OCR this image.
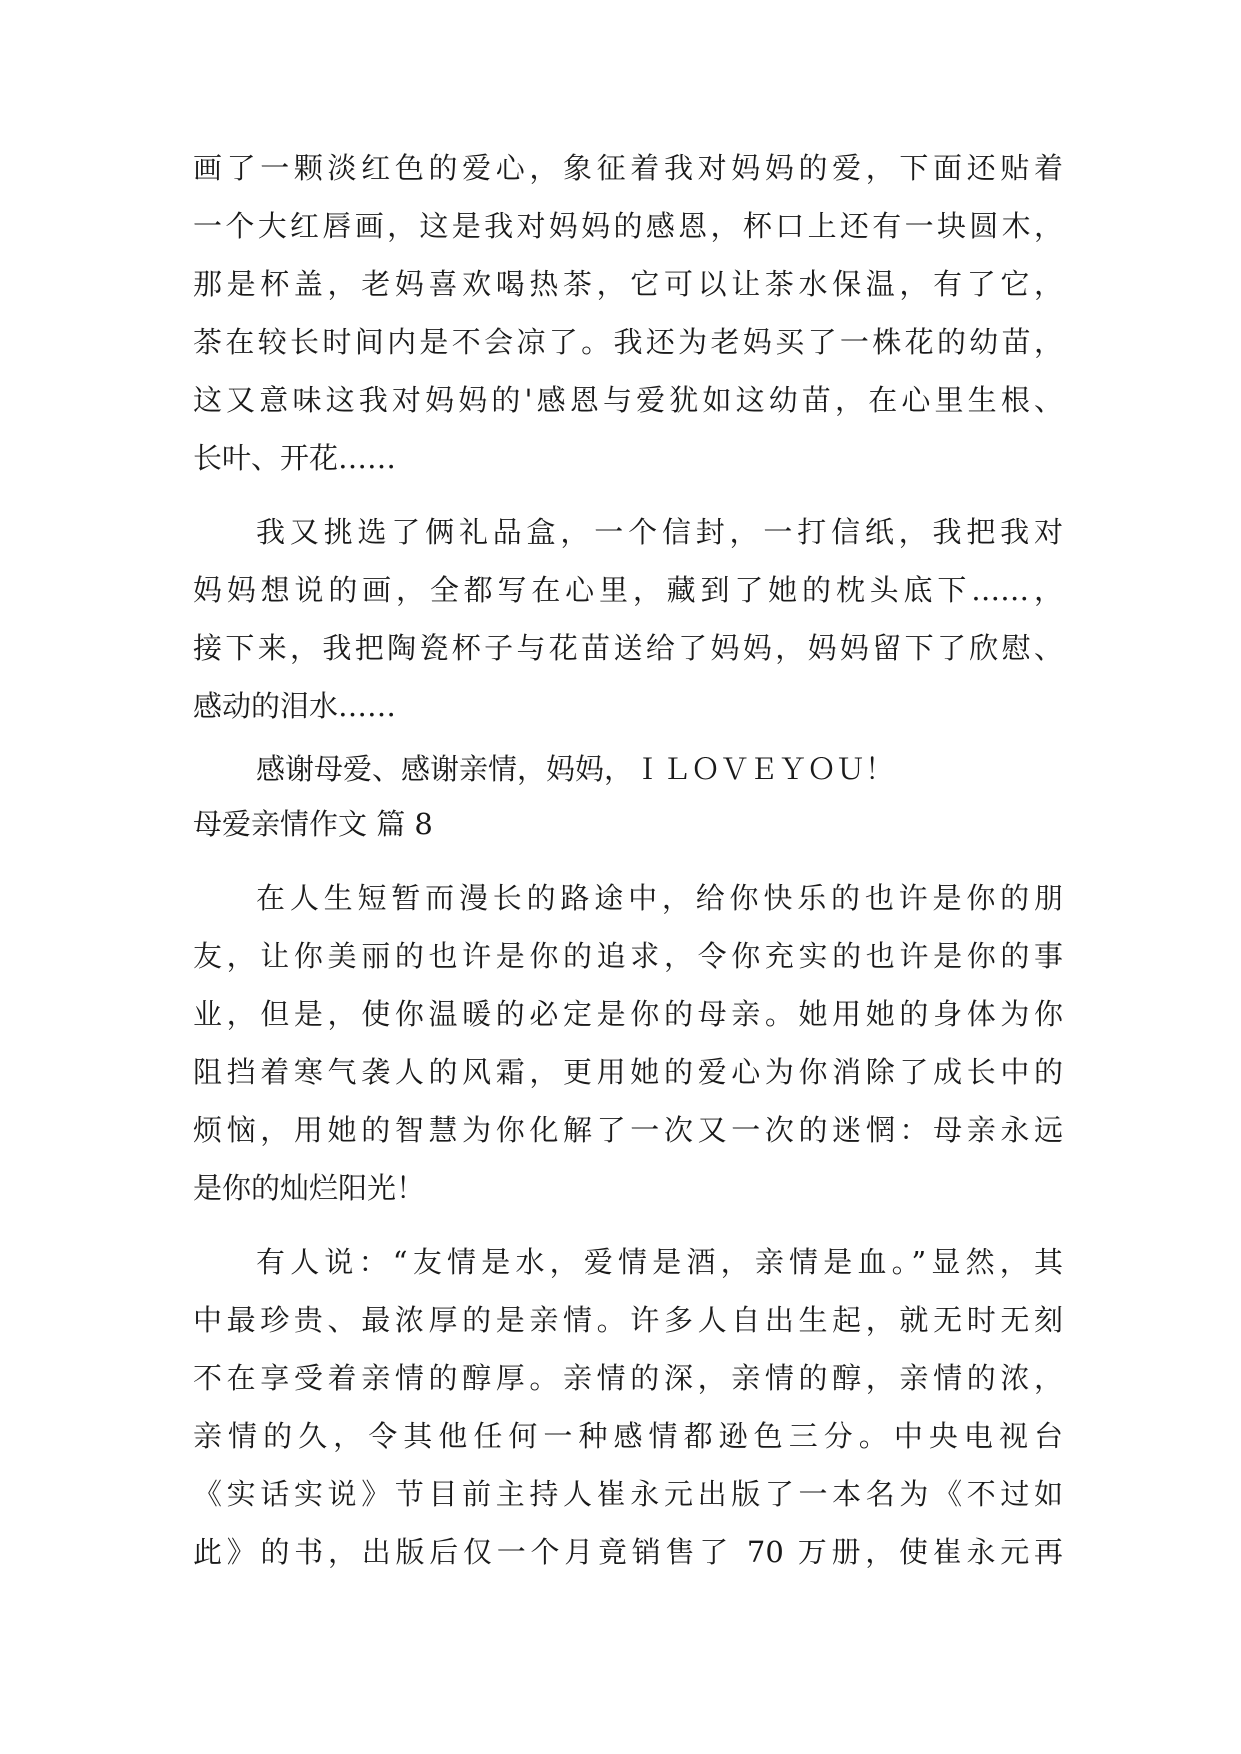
画了一颗淡红色的爱心，象征着我对妈妈的爱，下面还贴着
一个大红唇画，这是我对妈妈的感恩，杯口上还有一块圆木，
那是杯盖，老妈喜欢喝热茶，它可以让茶水保温，有了它，
茶在较长时间内是不会凉了。我还为老妈买了一株花的幼苗，
这又意味这我对妈妈的'感恩与爱犹如这幼苗，在心里生根、
长叶、开花……
我又挑选了俩礼品盒，一个信封，一打信纸，我把我对
妈妈想说的画，全都写在心里，藏到了她的枕头底下……，
接下来，我把陶瓷杯子与花苗送给了妈妈，妈妈留下了欣慰、
感动的泪水……
感谢母爱、感谢亲情，妈妈，ＩＬＯＶＥＹＯＵ！
母爱亲情作文 篇 8
在人生短暂而漫长的路途中，给你快乐的也许是你的朋
友，让你美丽的也许是你的追求，令你充实的也许是你的事
业，但是，使你温暖的必定是你的母亲。她用她的身体为你
阻挡着寒气袭人的风霜，更用她的爱心为你消除了成长中的
烦恼，用她的智慧为你化解了一次又一次的迷惘：母亲永远
是你的灿烂阳光！
有人说：“友情是水，爱情是酒，亲情是血。”显然，其
中最珍贵、最浓厚的是亲情。许多人自出生起，就无时无刻
不在享受着亲情的醇厚。亲情的深，亲情的醇，亲情的浓，
亲情的久，令其他任何一种感情都逊色三分。中央电视台
《实话实说》节目前主持人崔永元出版了一本名为《不过如
此》的书，出版后仅一个月竟销售了 70 万册，使崔永元再
